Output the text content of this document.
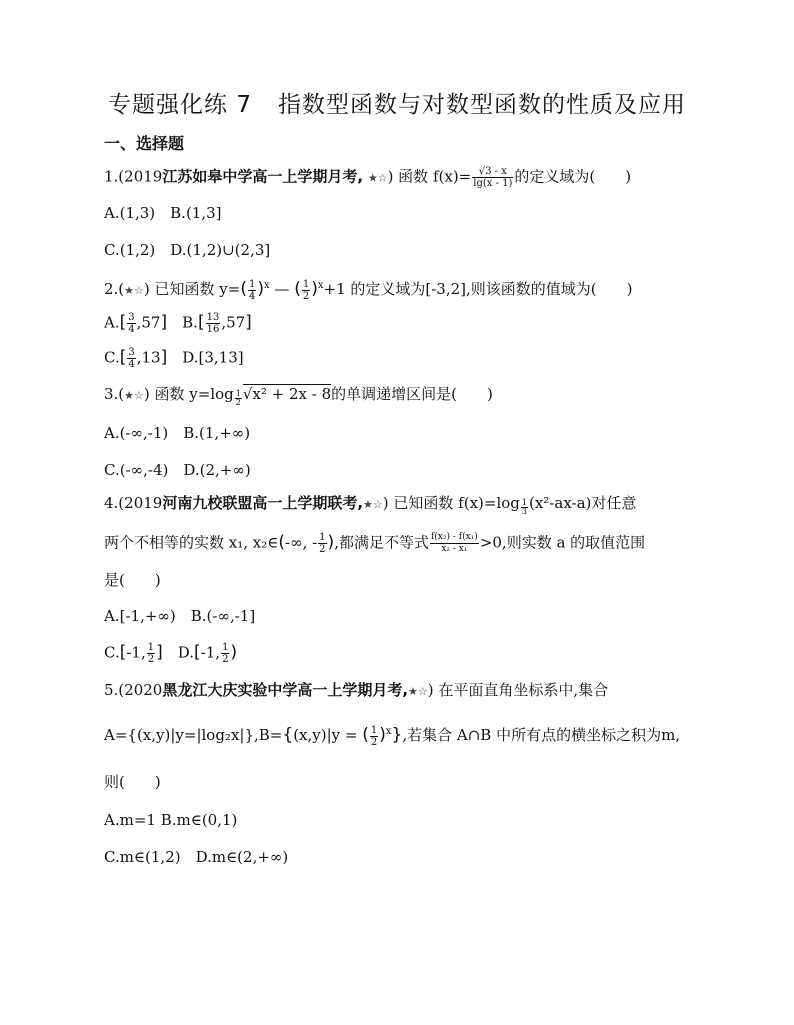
专题强化练 7 指数型函数与对数型函数的性质及应用
一、选择题
1.(2019江苏如皋中学高一上学期月考, ★☆) 函数 $f(x)= \frac{√3 - x}{\lg(x - 1)}$ 的定义域为(　　)
A.(1,3)　B.(1,3]
C.(1,2)　D.(1,2)∪(2,3]
2.(★☆) 已知函数 $y=( \frac{1}{4} )^x$ — ( $\frac{1}{2} )^x+1$ 的定义域为[-3,2],则该函数的值域为(　　)
$A.[ \frac{3}{4} ,57]$　 $B.[ \frac{13}{16} ,57]$
$C.[ \frac{3}{4} ,13]$　 D.[3,13]
3.(★☆) 函数 $y=\log \frac{1}{2} √x^2 + 2x - 8$的单调递增区间是(　　)
A.(-∞,-1)　B.(1,+∞)
C.(-∞,-4)　D.(2,+∞)
4.(2019河南九校联盟高一上学期联考,★☆) 已知函数 $f(x)=\log \frac{1}{3} (x^2-ax-a)$对任意
两个不相等的实数 x₁, x₂∈(-∞, - $\frac{1}{2}$ ),都满足不等式 $\frac{\text{f(x₂) - f(x₁)}}{\text{x₂ - x₁}} >0$,则实数 a 的取值范围
是(　　)
A.[-1,+∞)　B.(-∞,-1]
C.[-1, $\frac{1}{2}$ ]　 D.[-1, $\frac{1}{2}$ )
5.(2020黑龙江大庆实验中学高一上学期月考,★☆) 在平面直角坐标系中,集合
A={(x,y)|y=|log₂x|},B={(x,y)|y = ( $\frac{1}{2} )^x$},若集合 A∩B 中所有点的横坐标之积为m,
则(　　)
A.m=1 B.m∈(0,1)
C.m∈(1,2)　D.m∈(2,+∞)
